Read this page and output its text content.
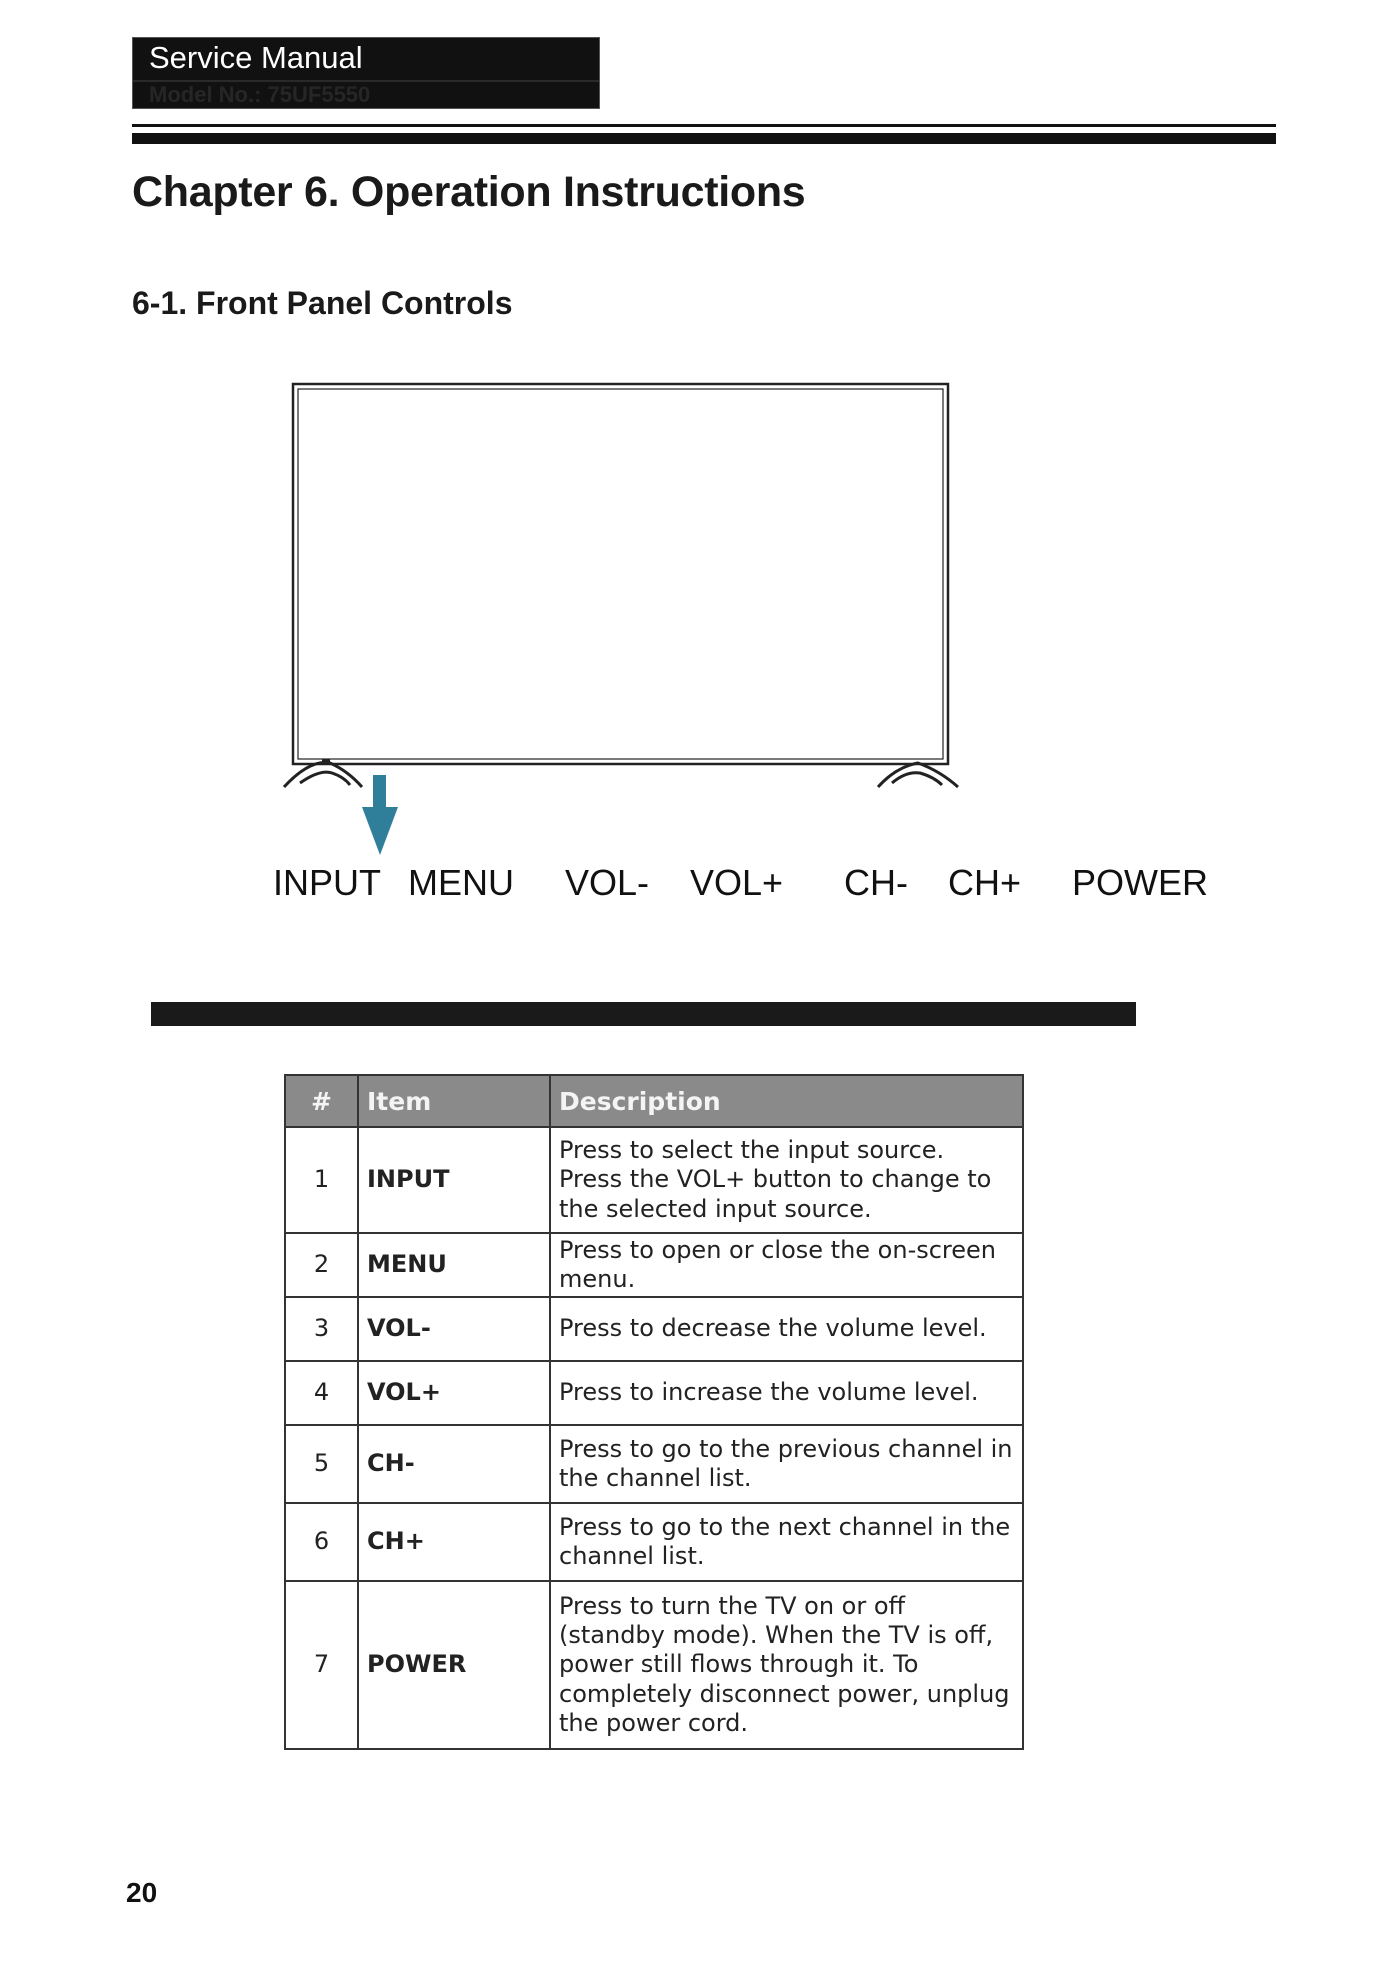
Service Manual
Model No.: 75UF5550
Chapter 6. Operation Instructions
6-1. Front Panel Controls
INPUT MENU VOL- VOL+ CH- CH+ POWER
#	Item	Description
1	INPUT	Press to select the input source. Press the VOL+ button to change to the selected input source.
2	MENU	Press to open or close the on-screen menu.
3	VOL-	Press to decrease the volume level.
4	VOL+	Press to increase the volume level.
5	CH-	Press to go to the previous channel in the channel list.
6	CH+	Press to go to the next channel in the channel list.
7	POWER	Press to turn the TV on or off (standby mode). When the TV is off, power still flows through it. To completely disconnect power, unplug the power cord.
20
